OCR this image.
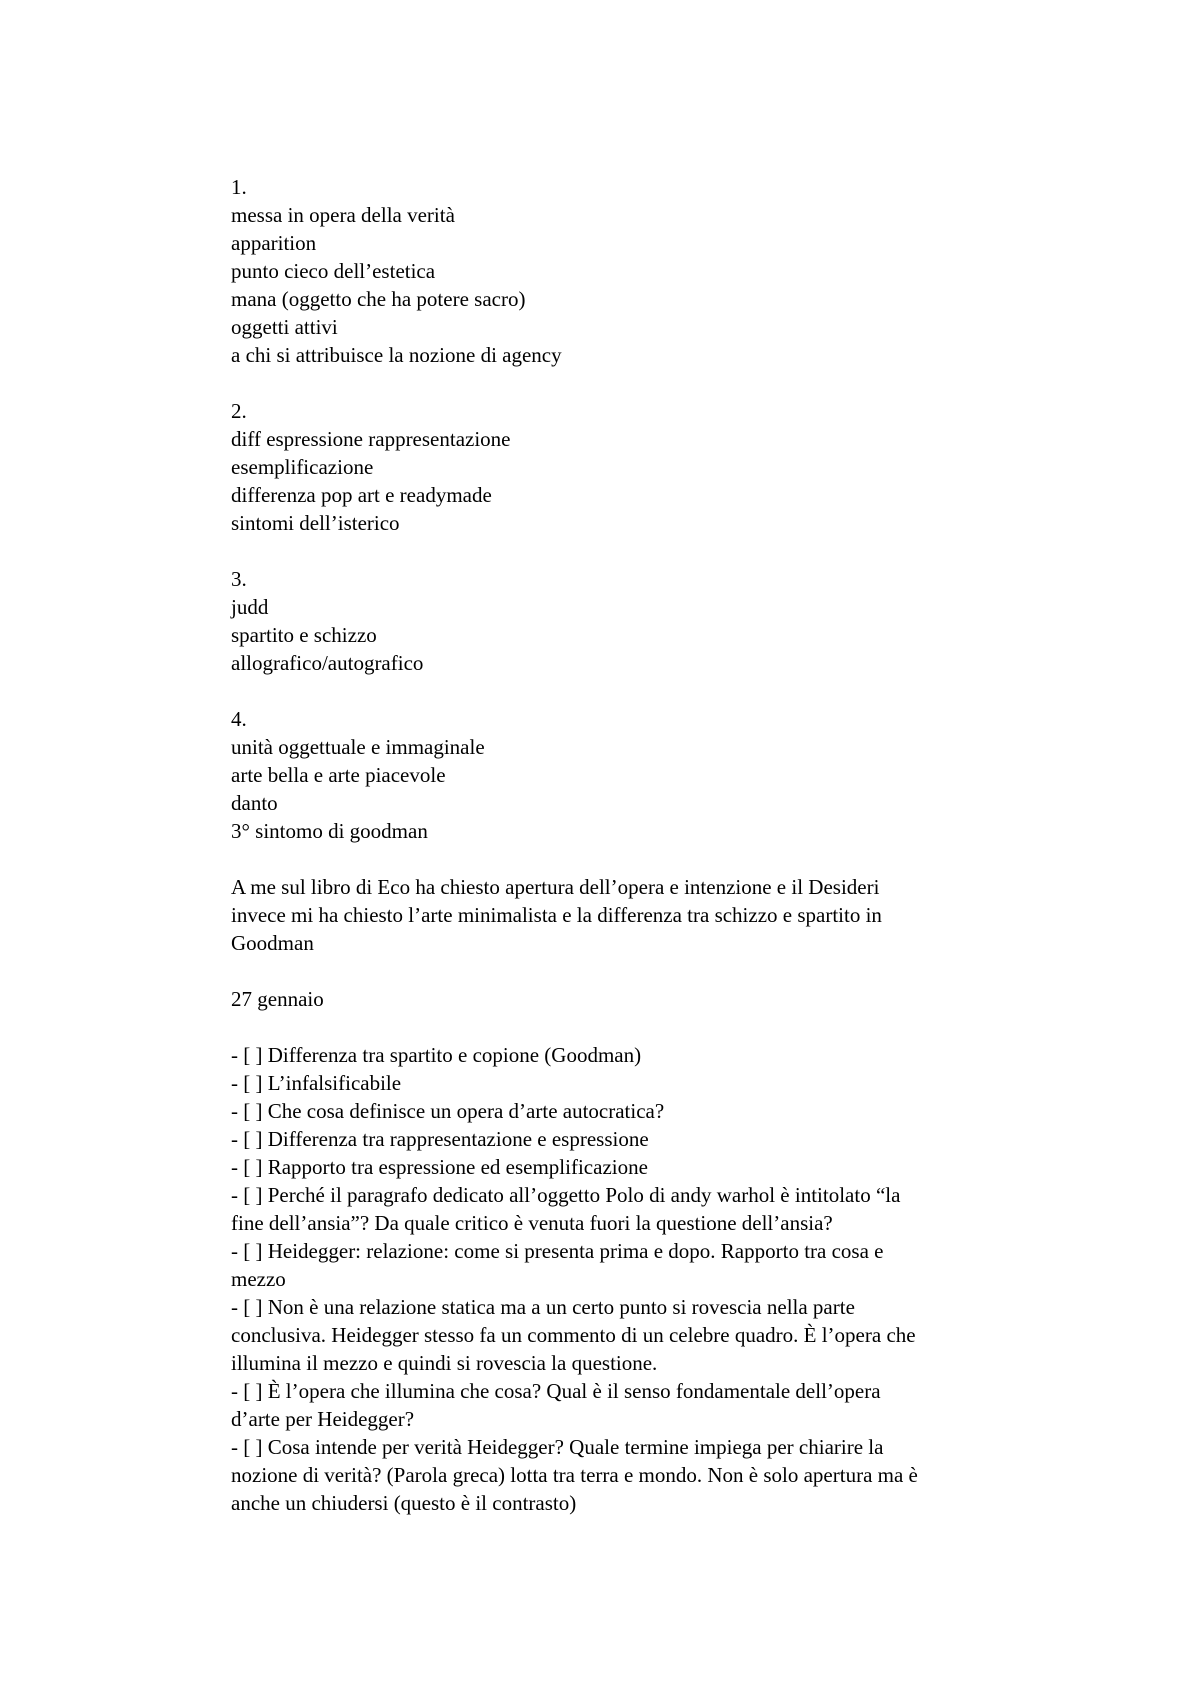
1.
messa in opera della verità
apparition
punto cieco dell’estetica
mana (oggetto che ha potere sacro)
oggetti attivi
a chi si attribuisce la nozione di agency
2.
diff espressione rappresentazione
esemplificazione
differenza pop art e readymade
sintomi dell’isterico
3.
judd
spartito e schizzo
allografico/autografico
4.
unità oggettuale e immaginale
arte bella e arte piacevole
danto
3° sintomo di goodman
A me sul libro di Eco ha chiesto apertura dell’opera e intenzione e il Desideri
invece mi ha chiesto l’arte minimalista e la differenza tra schizzo e spartito in
Goodman
27 gennaio
- [ ] Differenza tra spartito e copione (Goodman)
- [ ] L’infalsificabile
- [ ] Che cosa definisce un opera d’arte autocratica?
- [ ] Differenza tra rappresentazione e espressione
- [ ] Rapporto tra espressione ed esemplificazione
- [ ] Perché il paragrafo dedicato all’oggetto Polo di andy warhol è intitolato “la
fine dell’ansia”? Da quale critico è venuta fuori la questione dell’ansia?
- [ ] Heidegger: relazione: come si presenta prima e dopo. Rapporto tra cosa e
mezzo
- [ ] Non è una relazione statica ma a un certo punto si rovescia nella parte
conclusiva. Heidegger stesso fa un commento di un celebre quadro. È l’opera che
illumina il mezzo e quindi si rovescia la questione.
- [ ] È l’opera che illumina che cosa? Qual è il senso fondamentale dell’opera
d’arte per Heidegger?
- [ ] Cosa intende per verità Heidegger? Quale termine impiega per chiarire la
nozione di verità? (Parola greca) lotta tra terra e mondo. Non è solo apertura ma è
anche un chiudersi (questo è il contrasto)
